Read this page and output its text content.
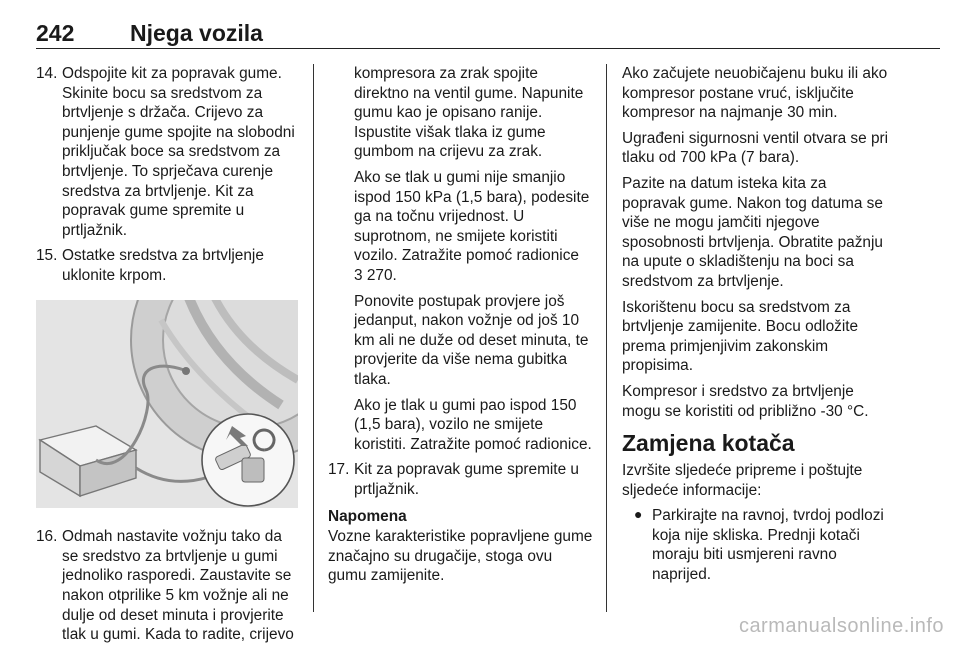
242 Njega vozila
14. Odspojite kit za popravak gume. Skinite bocu sa sredstvom za brtvljenje s držača. Crijevo za punjenje gume spojite na slobodni priključak boce sa sredstvom za brtvljenje. To sprječava curenje sredstva za brtvljenje. Kit za popravak gume spremite u prtljažnik.
15. Ostatke sredstva za brtvljenje uklonite krpom.
16. Odmah nastavite vožnju tako da se sredstvo za brtvljenje u gumi jednoliko rasporedi. Zaustavite se nakon otprilike 5 km vožnje ali ne dulje od deset minuta i provjerite tlak u gumi. Kada to radite, crijevo
kompresora za zrak spojite direktno na ventil gume. Napunite gumu kao je opisano ranije. Ispustite višak tlaka iz gume gumbom na crijevu za zrak.
Ako se tlak u gumi nije smanjio ispod 150 kPa (1,5 bara), podesite ga na točnu vrijednost. U suprotnom, ne smijete koristiti vozilo. Zatražite pomoć radionice
3 270.
Ponovite postupak provjere još jedanput, nakon vožnje od još 10 km ali ne duže od deset minuta, te provjerite da više nema gubitka tlaka.
Ako je tlak u gumi pao ispod 150 (1,5 bara), vozilo ne smijete koristiti. Zatražite pomoć radionice.
17. Kit za popravak gume spremite u prtljažnik.
Napomena
Vozne karakteristike popravljene gume značajno su drugačije, stoga ovu gumu zamijenite.
Ako začujete neuobičajenu buku ili ako kompresor postane vruć, isključite kompresor na najmanje 30 min.
Ugrađeni sigurnosni ventil otvara se pri tlaku od 700 kPa (7 bara).
Pazite na datum isteka kita za popravak gume. Nakon tog datuma se više ne mogu jamčiti njegove sposobnosti brtvljenja. Obratite pažnju na upute o skladištenju na boci sa sredstvom za brtvljenje.
Iskorištenu bocu sa sredstvom za brtvljenje zamijenite. Bocu odložite prema primjenjivim zakonskim propisima.
Kompresor i sredstvo za brtvljenje mogu se koristiti od približno -30 °C.
Zamjena kotača
Izvršite sljedeće pripreme i poštujte sljedeće informacije:
● Parkirajte na ravnoj, tvrdoj podlozi koja nije skliska. Prednji kotači moraju biti usmjereni ravno naprijed.
carmanualsonline.info
